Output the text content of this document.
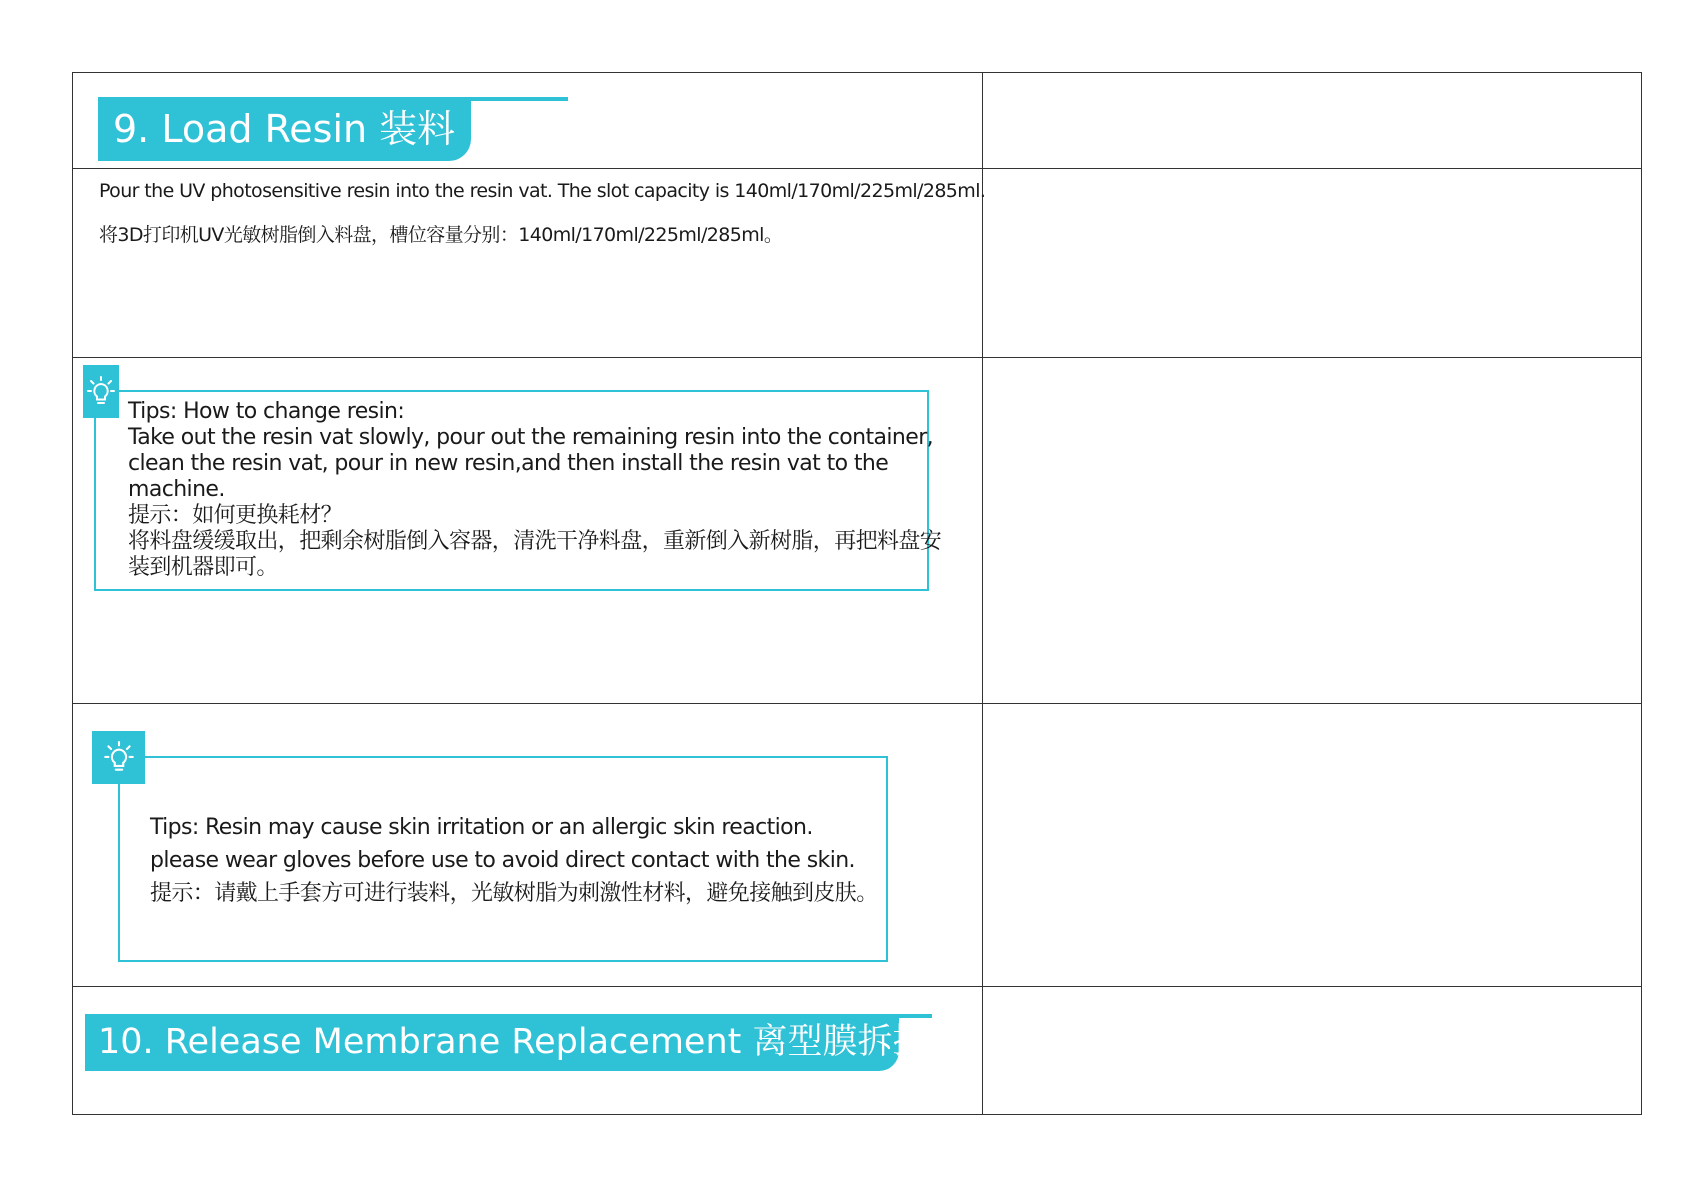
9. Load Resin 装料
Pour the UV photosensitive resin into the resin vat. The slot capacity is 140ml/170ml/225ml/285ml.
将3D打印机UV光敏树脂倒入料盘，槽位容量分别：140ml/170ml/225ml/285ml。
Tips: How to change resin:
Take out the resin vat slowly, pour out the remaining resin into the container,
clean the resin vat, pour in new resin,and then install the resin vat to the
machine.
提示：如何更换耗材？
将料盘缓缓取出，把剩余树脂倒入容器，清洗干净料盘，重新倒入新树脂，再把料盘安
装到机器即可。
Tips: Resin may cause skin irritation or an allergic skin reaction.
please wear gloves before use to avoid direct contact with the skin.
提示：请戴上手套方可进行装料，光敏树脂为刺激性材料，避免接触到皮肤。
10. Release Membrane Replacement 离型膜拆换
